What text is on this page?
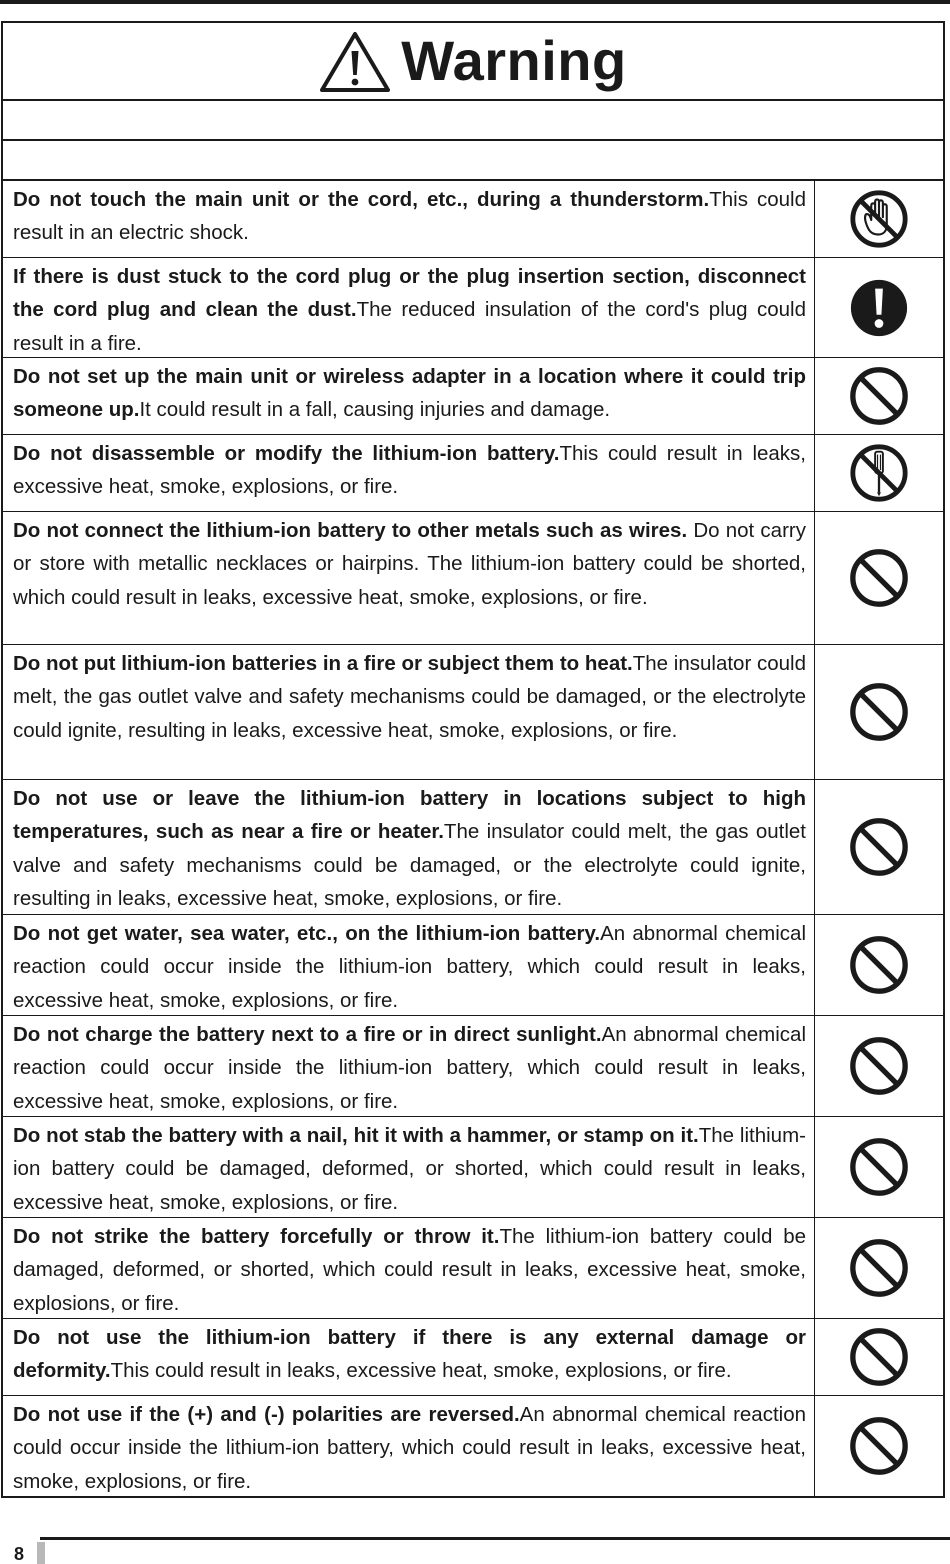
Warning
Do not touch the main unit or the cord, etc., during a thunderstorm.This could result in an electric shock.
If there is dust stuck to the cord plug or the plug insertion section, disconnect the cord plug and clean the dust.The reduced insulation of the cord's plug could result in a fire.
Do not set up the main unit or wireless adapter in a location where it could trip someone up.It could result in a fall, causing injuries and damage.
Do not disassemble or modify the lithium-ion battery.This could result in leaks, excessive heat, smoke, explosions, or fire.
Do not connect the lithium-ion battery to other metals such as wires. Do not carry or store with metallic necklaces or hairpins. The lithium-ion battery could be shorted, which could result in leaks, excessive heat, smoke, explosions, or fire.
Do not put lithium-ion batteries in a fire or subject them to heat.The insulator could melt, the gas outlet valve and safety mechanisms could be damaged, or the electrolyte could ignite, resulting in leaks, excessive heat, smoke, explosions, or fire.
Do not use or leave the lithium-ion battery in locations subject to high temperatures, such as near a fire or heater.The insulator could melt, the gas outlet valve and safety mechanisms could be damaged, or the electrolyte could ignite, resulting in leaks, excessive heat, smoke, explosions, or fire.
Do not get water, sea water, etc., on the lithium-ion battery.An abnormal chemical reaction could occur inside the lithium-ion battery, which could result in leaks, excessive heat, smoke, explosions, or fire.
Do not charge the battery next to a fire or in direct sunlight.An abnormal chemical reaction could occur inside the lithium-ion battery, which could result in leaks, excessive heat, smoke, explosions, or fire.
Do not stab the battery with a nail, hit it with a hammer, or stamp on it.The lithium-ion battery could be damaged, deformed, or shorted, which could result in leaks, excessive heat, smoke, explosions, or fire.
Do not strike the battery forcefully or throw it.The lithium-ion battery could be damaged, deformed, or shorted, which could result in leaks, excessive heat, smoke, explosions, or fire.
Do not use the lithium-ion battery if there is any external damage or deformity.This could result in leaks, excessive heat, smoke, explosions, or fire.
Do not use if the (+) and (-) polarities are reversed.An abnormal chemical reaction could occur inside the lithium-ion battery, which could result in leaks, excessive heat, smoke, explosions, or fire.
8
